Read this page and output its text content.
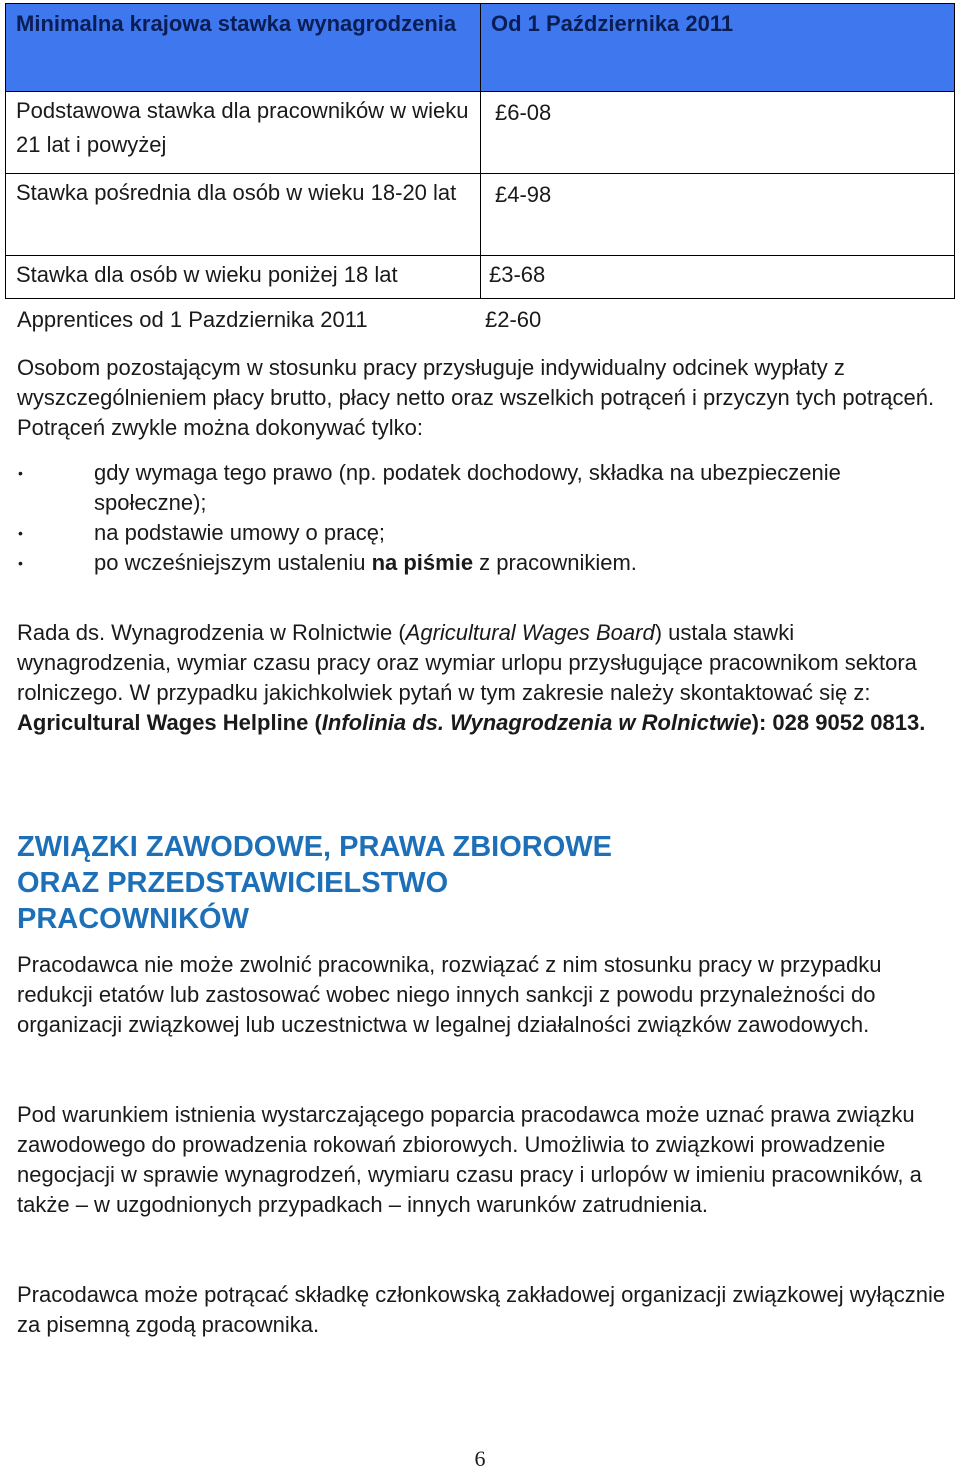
Minimalna krajowa stawka wynagrodzenia	Od 1 Października 2011
Podstawowa stawka dla pracowników w wieku 21 lat i powyżej	£6-08
Stawka pośrednia dla osób w wieku 18-20 lat	£4-98
Stawka dla osób w wieku poniżej 18 lat	£3-68
Apprentices od 1 Pazdziernika 2011	£2-60

Osobom pozostającym w stosunku pracy przysługuje indywidualny odcinek wypłaty z wyszczególnieniem płacy brutto, płacy netto oraz wszelkich potrąceń i przyczyn tych potrąceń. Potrąceń zwykle można dokonywać tylko:

•	gdy wymaga tego prawo (np. podatek dochodowy, składka na ubezpieczenie społeczne);
•	na podstawie umowy o pracę;
•	po wcześniejszym ustaleniu na piśmie z pracownikiem.

Rada ds. Wynagrodzenia w Rolnictwie (Agricultural Wages Board) ustala stawki wynagrodzenia, wymiar czasu pracy oraz wymiar urlopu przysługujące pracownikom sektora rolniczego. W przypadku jakichkolwiek pytań w tym zakresie należy skontaktować się z:

Agricultural Wages Helpline (Infolinia ds. Wynagrodzenia w Rolnictwie): 028 9052 0813.

ZWIĄZKI ZAWODOWE, PRAWA ZBIOROWE
ORAZ PRZEDSTAWICIELSTWO
PRACOWNIKÓW

Pracodawca nie może zwolnić pracownika, rozwiązać z nim stosunku pracy w przypadku redukcji etatów lub zastosować wobec niego innych sankcji z powodu przynależności do organizacji związkowej lub uczestnictwa w legalnej działalności związków zawodowych.

Pod warunkiem istnienia wystarczającego poparcia pracodawca może uznać prawa związku zawodowego do prowadzenia rokowań zbiorowych. Umożliwia to związkowi prowadzenie negocjacji w sprawie wynagrodzeń, wymiaru czasu pracy i urlopów w imieniu pracowników, a także – w uzgodnionych przypadkach – innych warunków zatrudnienia.

Pracodawca może potrącać składkę członkowską zakładowej organizacji związkowej wyłącznie za pisemną zgodą pracownika.

6
